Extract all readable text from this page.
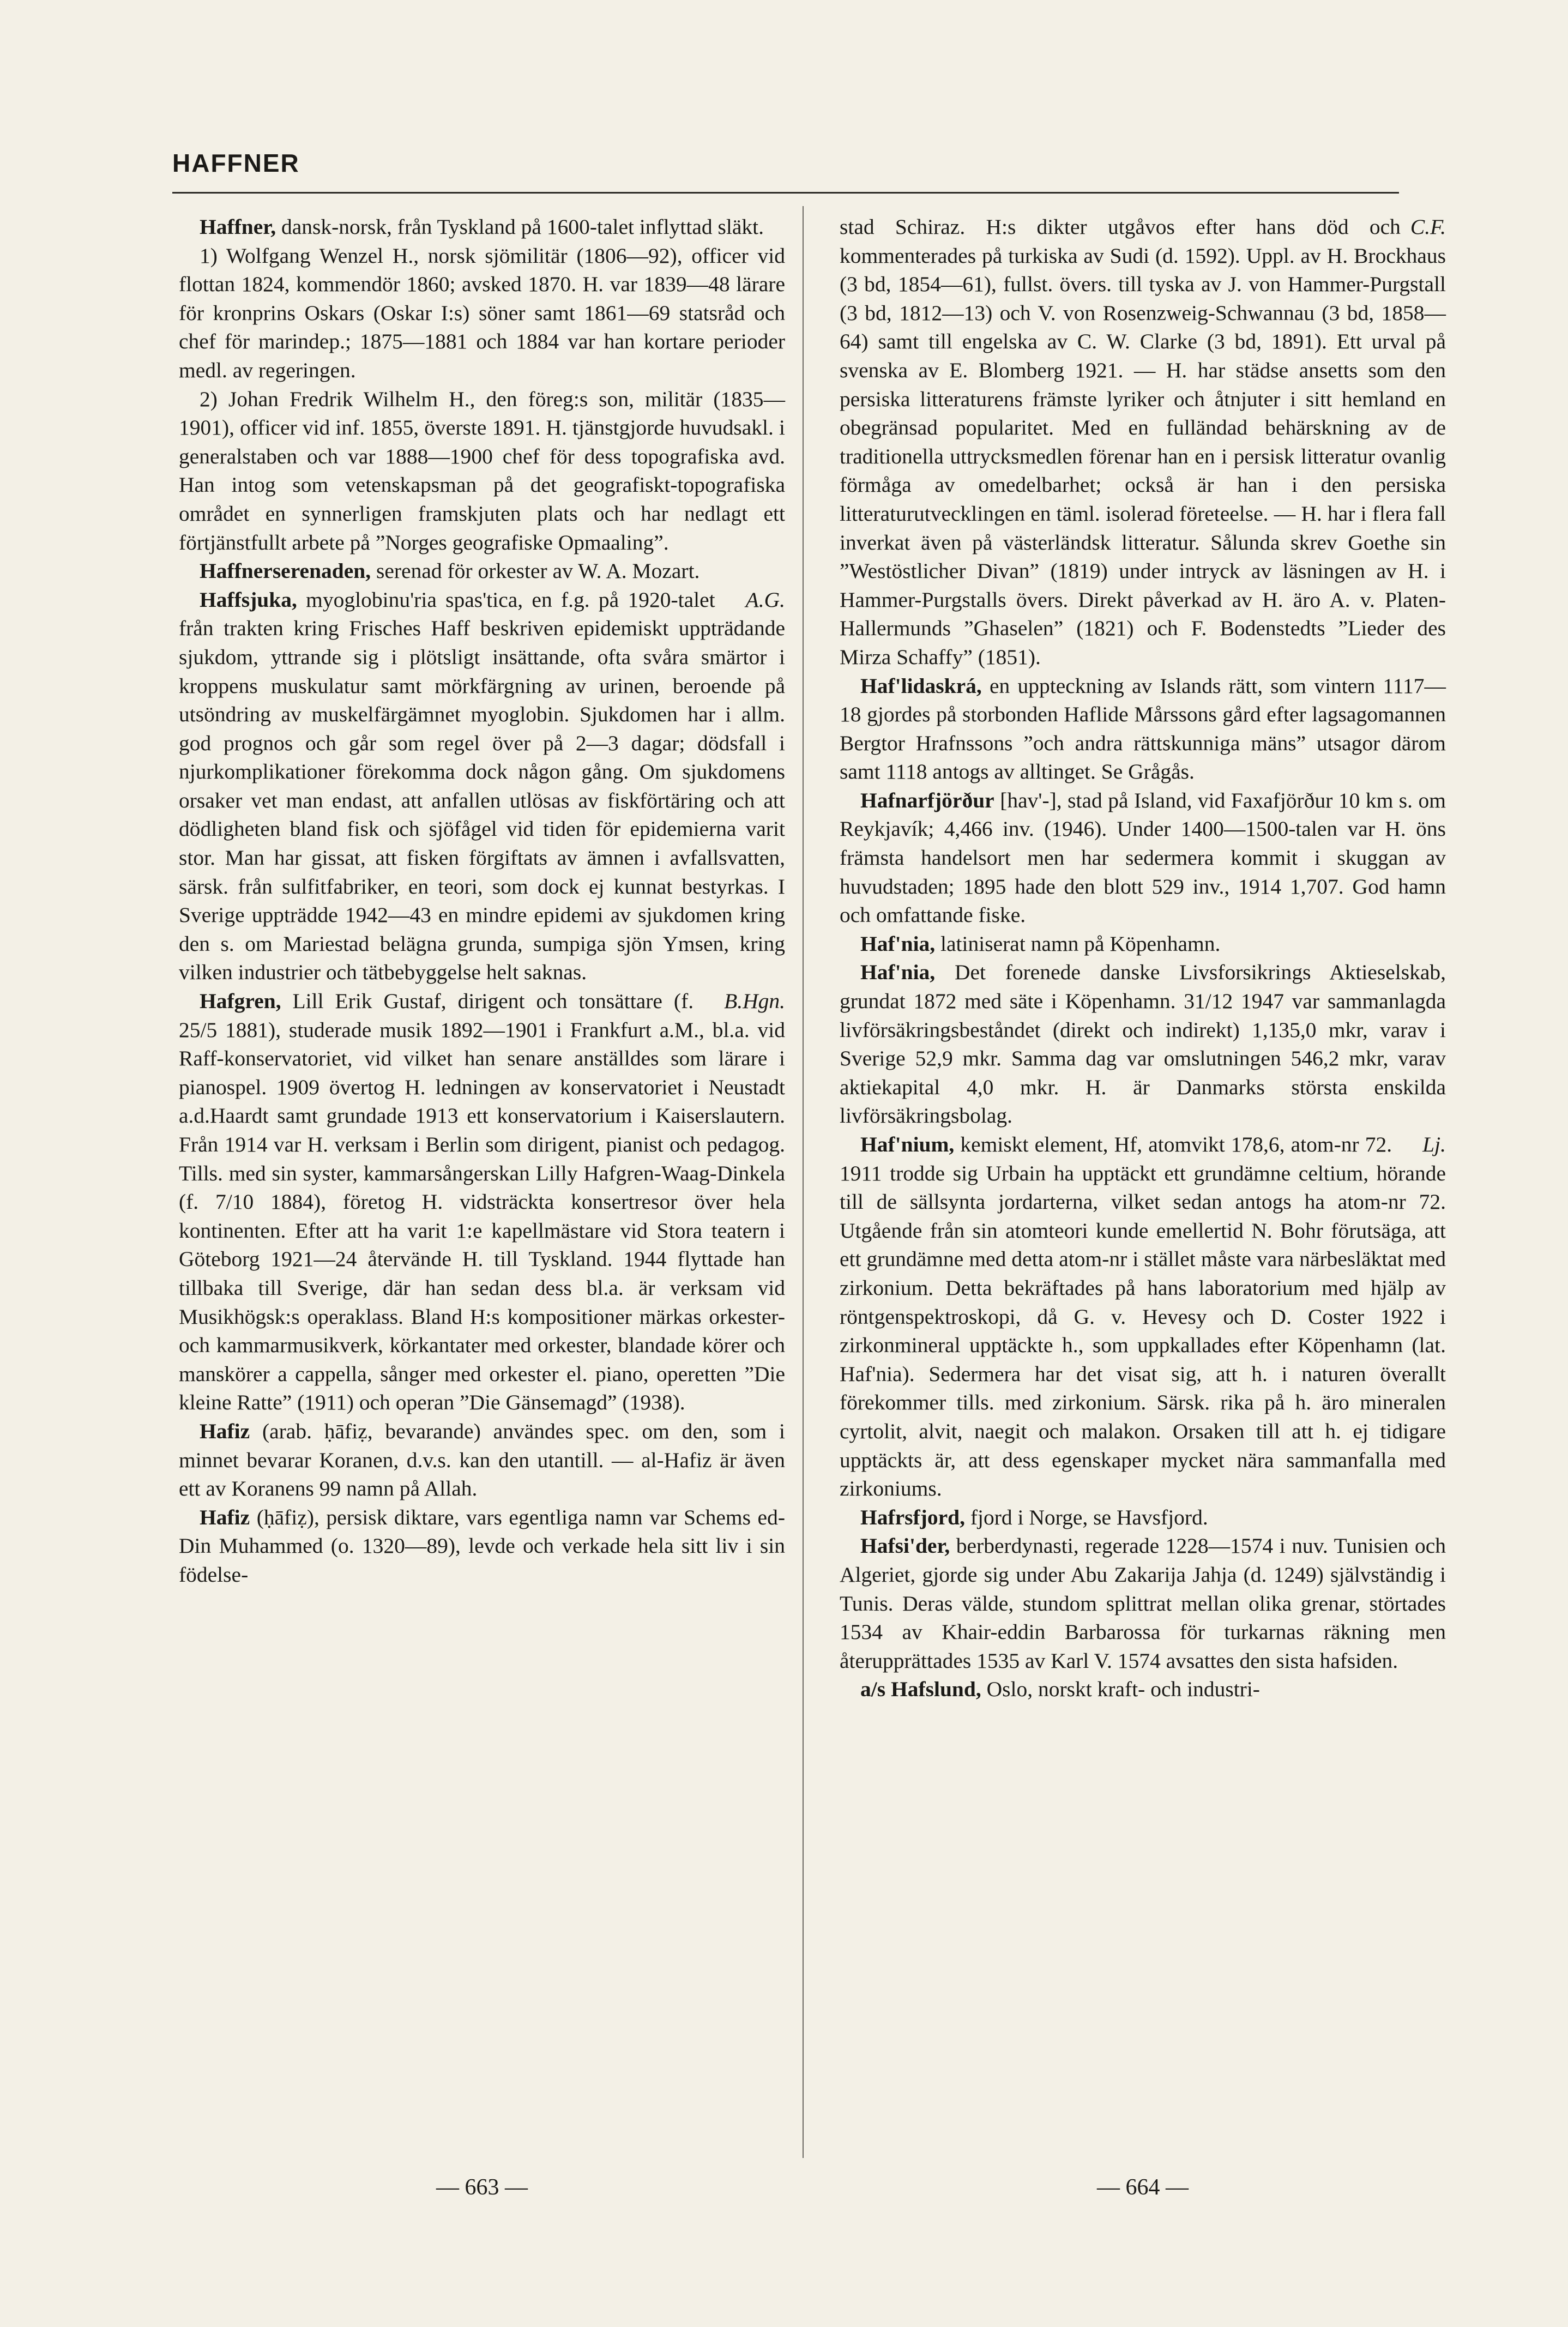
HAFFNER

Haffner, dansk-norsk, från Tyskland på 1600-talet inflyttad släkt.

1) Wolfgang Wenzel H., norsk sjömilitär (1806—92), officer vid flottan 1824, kommendör 1860; avsked 1870. H. var 1839—48 lärare för kronprins Oskars (Oskar I:s) söner samt 1861—69 statsråd och chef för marindep.; 1875—1881 och 1884 var han kortare perioder medl. av regeringen.

2) Johan Fredrik Wilhelm H., den föreg:s son, militär (1835—1901), officer vid inf. 1855, överste 1891. H. tjänstgjorde huvudsakl. i generalstaben och var 1888—1900 chef för dess topografiska avd. Han intog som vetenskapsman på det geografiskt-topografiska området en synnerligen framskjuten plats och har nedlagt ett förtjänstfullt arbete på ”Norges geografiske Opmaaling”.

Haffnerserenaden, serenad för orkester av W. A. Mozart.

A.G.
Haffsjuka, myoglobinu'ria spas'tica, en f.g. på 1920-talet från trakten kring Frisches Haff beskriven epidemiskt uppträdande sjukdom, yttrande sig i plötsligt insättande, ofta svåra smärtor i kroppens muskulatur samt mörkfärgning av urinen, beroende på utsöndring av muskelfärgämnet myoglobin. Sjukdomen har i allm. god prognos och går som regel över på 2—3 dagar; dödsfall i njurkomplikationer förekomma dock någon gång. Om sjukdomens orsaker vet man endast, att anfallen utlösas av fiskförtäring och att dödligheten bland fisk och sjöfågel vid tiden för epidemierna varit stor. Man har gissat, att fisken förgiftats av ämnen i avfallsvatten, särsk. från sulfitfabriker, en teori, som dock ej kunnat bestyrkas. I Sverige uppträdde 1942—43 en mindre epidemi av sjukdomen kring den s. om Mariestad belägna grunda, sumpiga sjön Ymsen, kring vilken industrier och tätbebyggelse helt saknas.

B.Hgn.
Hafgren, Lill Erik Gustaf, dirigent och tonsättare (f. 25/5 1881), studerade musik 1892—1901 i Frankfurt a.M., bl.a. vid Raff-konservatoriet, vid vilket han senare anställdes som lärare i pianospel. 1909 övertog H. ledningen av konservatoriet i Neustadt a.d.Haardt samt grundade 1913 ett konservatorium i Kaiserslautern. Från 1914 var H. verksam i Berlin som dirigent, pianist och pedagog. Tills. med sin syster, kammarsångerskan Lilly Hafgren-Waag-Dinkela (f. 7/10 1884), företog H. vidsträckta konsertresor över hela kontinenten. Efter att ha varit 1:e kapellmästare vid Stora teatern i Göteborg 1921—24 återvände H. till Tyskland. 1944 flyttade han tillbaka till Sverige, där han sedan dess bl.a. är verksam vid Musikhögsk:s operaklass. Bland H:s kompositioner märkas orkester- och kammarmusikverk, körkantater med orkester, blandade körer och manskörer a cappella, sånger med orkester el. piano, operetten ”Die kleine Ratte” (1911) och operan ”Die Gänsemagd” (1938).

Hafiz (arab. ḥāfiẓ, bevarande) användes spec. om den, som i minnet bevarar Koranen, d.v.s. kan den utantill. — al-Hafiz är även ett av Koranens 99 namn på Allah.

Hafiz (ḥāfiẓ), persisk diktare, vars egentliga namn var Schems ed-Din Muhammed (o. 1320—89), levde och verkade hela sitt liv i sin födelse-

C.F.
stad Schiraz. H:s dikter utgåvos efter hans död och kommenterades på turkiska av Sudi (d. 1592). Uppl. av H. Brockhaus (3 bd, 1854—61), fullst. övers. till tyska av J. von Hammer-Purgstall (3 bd, 1812—13) och V. von Rosenzweig-Schwannau (3 bd, 1858—64) samt till engelska av C. W. Clarke (3 bd, 1891). Ett urval på svenska av E. Blomberg 1921. — H. har städse ansetts som den persiska litteraturens främste lyriker och åtnjuter i sitt hemland en obegränsad popularitet. Med en fulländad behärskning av de traditionella uttrycksmedlen förenar han en i persisk litteratur ovanlig förmåga av omedelbarhet; också är han i den persiska litteraturutvecklingen en täml. isolerad företeelse. — H. har i flera fall inverkat även på västerländsk litteratur. Sålunda skrev Goethe sin ”Westöstlicher Divan” (1819) under intryck av läsningen av H. i Hammer-Purgstalls övers. Direkt påverkad av H. äro A. v. Platen-Hallermunds ”Ghaselen” (1821) och F. Bodenstedts ”Lieder des Mirza Schaffy” (1851).

Haf'lidaskrá, en uppteckning av Islands rätt, som vintern 1117—18 gjordes på storbonden Haflide Mårssons gård efter lagsagomannen Bergtor Hrafnssons ”och andra rättskunniga mäns” utsagor därom samt 1118 antogs av alltinget. Se Grågås.

Hafnarfjörður [hav'-], stad på Island, vid Faxafjörður 10 km s. om Reykjavík; 4,466 inv. (1946). Under 1400—1500-talen var H. öns främsta handelsort men har sedermera kommit i skuggan av huvudstaden; 1895 hade den blott 529 inv., 1914 1,707. God hamn och omfattande fiske.

Haf'nia, latiniserat namn på Köpenhamn.

Haf'nia, Det forenede danske Livsforsikrings Aktieselskab, grundat 1872 med säte i Köpenhamn. 31/12 1947 var sammanlagda livförsäkringsbeståndet (direkt och indirekt) 1,135,0 mkr, varav i Sverige 52,9 mkr. Samma dag var omslutningen 546,2 mkr, varav aktiekapital 4,0 mkr. H. är Danmarks största enskilda livförsäkringsbolag.

Lj.
Haf'nium, kemiskt element, Hf, atomvikt 178,6, atom-nr 72. 1911 trodde sig Urbain ha upptäckt ett grundämne celtium, hörande till de sällsynta jordarterna, vilket sedan antogs ha atom-nr 72. Utgående från sin atomteori kunde emellertid N. Bohr förutsäga, att ett grundämne med detta atom-nr i stället måste vara närbesläktat med zirkonium. Detta bekräftades på hans laboratorium med hjälp av röntgenspektroskopi, då G. v. Hevesy och D. Coster 1922 i zirkonmineral upptäckte h., som uppkallades efter Köpenhamn (lat. Haf'nia). Sedermera har det visat sig, att h. i naturen överallt förekommer tills. med zirkonium. Särsk. rika på h. äro mineralen cyrtolit, alvit, naegit och malakon. Orsaken till att h. ej tidigare upptäckts är, att dess egenskaper mycket nära sammanfalla med zirkoniums.

Hafrsfjord, fjord i Norge, se Havsfjord.

Hafsi'der, berberdynasti, regerade 1228—1574 i nuv. Tunisien och Algeriet, gjorde sig under Abu Zakarija Jahja (d. 1249) självständig i Tunis. Deras välde, stundom splittrat mellan olika grenar, störtades 1534 av Khair-eddin Barbarossa för turkarnas räkning men återupprättades 1535 av Karl V. 1574 avsattes den sista hafsiden.

a/s Hafslund, Oslo, norskt kraft- och industri-

— 663 —	— 664 —
